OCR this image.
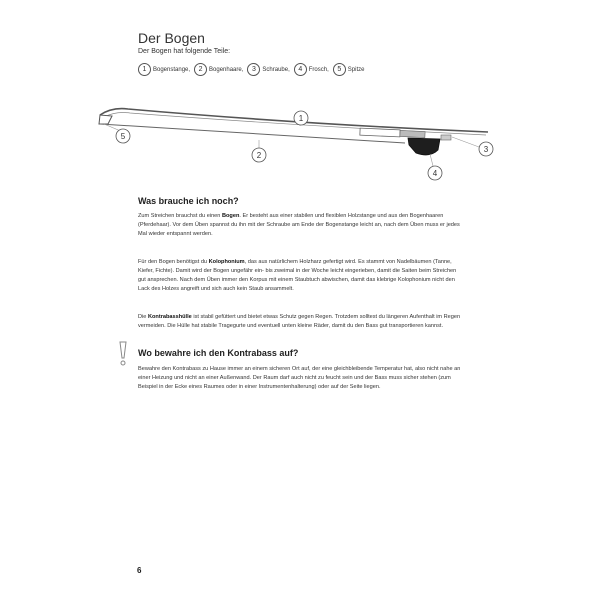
Der Bogen
Der Bogen hat folgende Teile:
1	Bogenstange,	2	Bogenhaare,	3	Schraube,	4	Frosch,	5	Spitze
1
2
3
4
5
Was brauche ich noch?

Zum Streichen brauchst du einen Bogen. Er besteht aus einer stabilen und flexiblen Holzstange und aus den Bogenhaaren (Pferdehaar). Vor dem Üben spannst du ihn mit der Schraube am Ende der Bogenstange leicht an, nach dem Üben muss er jedes Mal wieder entspannt werden.

Für den Bogen benötigst du Kolophonium, das aus natürlichem Holzharz gefertigt wird. Es stammt von Nadelbäumen (Tanne, Kiefer, Fichte). Damit wird der Bogen ungefähr ein- bis zweimal in der Woche leicht eingerieben, damit die Saiten beim Streichen gut ansprechen. Nach dem Üben immer den Korpus mit einem Staubtuch abwischen, damit das klebrige Kolophonium nicht den Lack des Holzes angreift und sich auch kein Staub ansammelt.

Die Kontrabasshülle ist stabil gefüttert und bietet etwas Schutz gegen Regen. Trotzdem solltest du längeren Aufenthalt im Regen vermeiden. Die Hülle hat stabile Tragegurte und eventuell unten kleine Räder, damit du den Bass gut transportieren kannst.

Wo bewahre ich den Kontrabass auf?

Bewahre den Kontrabass zu Hause immer an einem sicheren Ort auf, der eine gleichbleibende Temperatur hat, also nicht nahe an einer Heizung und nicht an einer Außenwand. Der Raum darf auch nicht zu feucht sein und der Bass muss sicher stehen (zum Beispiel in der Ecke eines Raumes oder in einer Instrumentenhalterung) oder auf der Seite liegen.

6
